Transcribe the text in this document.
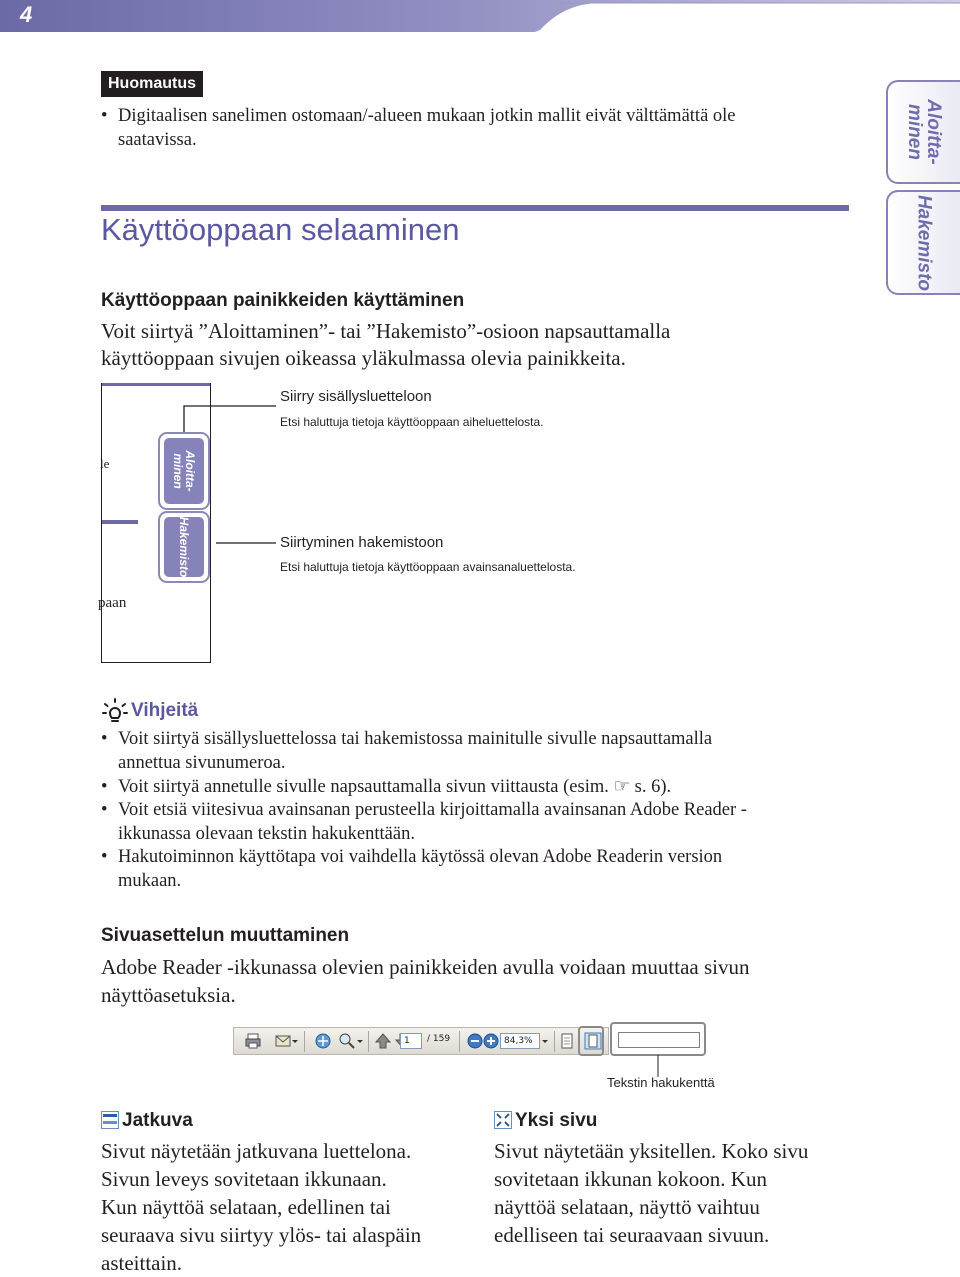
4
Aloitta-
minen
Hakemisto
Huomautus
• Digitaalisen sanelimen ostomaan/-alueen mukaan jotkin mallit eivät välttämättä ole
saatavissa.
Käyttöoppaan selaaminen
Käyttöoppaan painikkeiden käyttäminen
Voit siirtyä ”Aloittaminen”- tai ”Hakemisto”-osioon napsauttamalla
käyttöoppaan sivujen oikeassa yläkulmassa olevia painikkeita.
le
paan
Aloitta-
minen
Hakemisto
Siirry sisällysluetteloon
Etsi haluttuja tietoja käyttöoppaan aiheluettelosta.
Siirtyminen hakemistoon
Etsi haluttuja tietoja käyttöoppaan avainsanaluettelosta.
Vihjeitä
• Voit siirtyä sisällysluettelossa tai hakemistossa mainitulle sivulle napsauttamalla
annettua sivunumeroa.
• Voit siirtyä annetulle sivulle napsauttamalla sivun viittausta (esim. ☞ s. 6).
• Voit etsiä viitesivua avainsanan perusteella kirjoittamalla avainsanan Adobe Reader -
ikkunassa olevaan tekstin hakukenttään.
• Hakutoiminnon käyttötapa voi vaihdella käytössä olevan Adobe Readerin version
mukaan.
Sivuasettelun muuttaminen
Adobe Reader -ikkunassa olevien painikkeiden avulla voidaan muuttaa sivun
näyttöasetuksia.
1	/ 159	84,3%
Tekstin hakukenttä
Jatkuva
Sivut näytetään jatkuvana luettelona.
Sivun leveys sovitetaan ikkunaan.
Kun näyttöä selataan, edellinen tai
seuraava sivu siirtyy ylös- tai alaspäin
asteittain.
Yksi sivu
Sivut näytetään yksitellen. Koko sivu
sovitetaan ikkunan kokoon. Kun
näyttöä selataan, näyttö vaihtuu
edelliseen tai seuraavaan sivuun.
